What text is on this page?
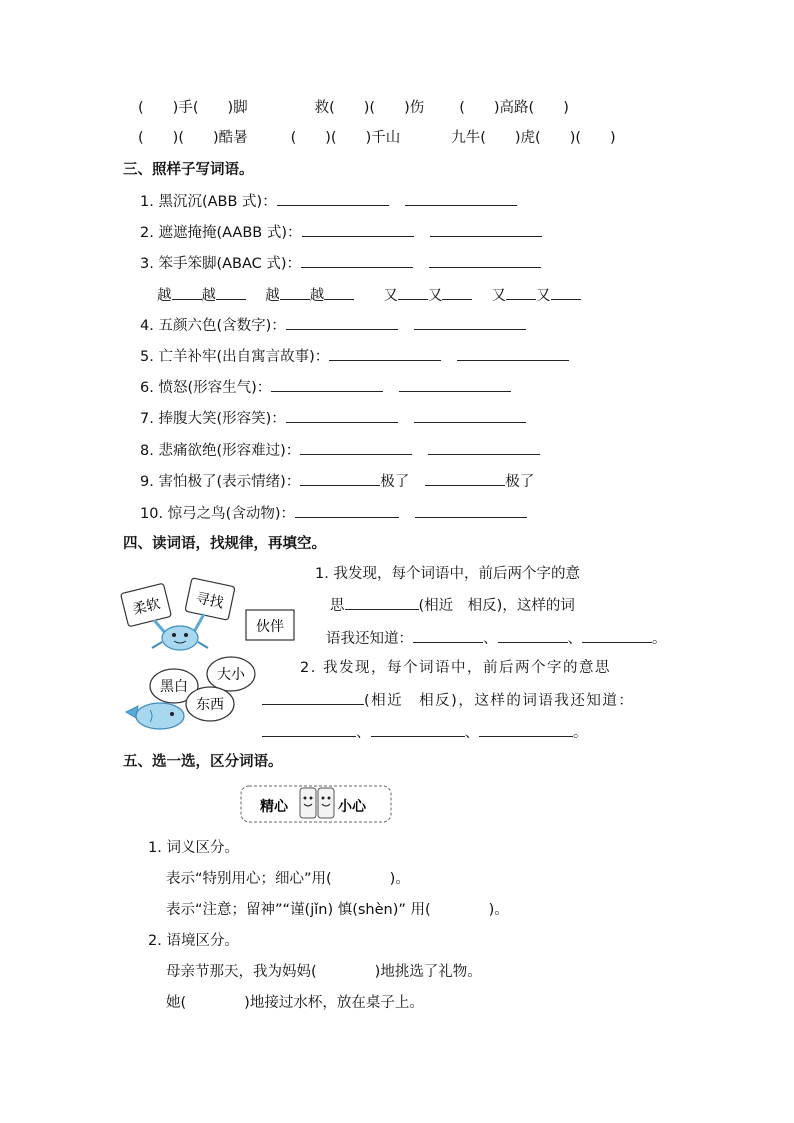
(　　)手(　　)脚	救(　　)(　　)伤 (　　)高路(　　)
(　　)(　　)酷暑	(　　)(　　)千山	九牛(　　)虎(　　)(　　)
三、照样子写词语。
1. 黑沉沉(ABB 式)：
2. 遮遮掩掩(AABB 式)：
3. 笨手笨脚(ABAC 式)：
越 越	越 越	又 又	又 又
4. 五颜六色(含数字)：
5. 亡羊补牢(出自寓言故事)：
6. 愤怒(形容生气)：
7. 捧腹大笑(形容笑)：
8. 悲痛欲绝(形容难过)：
9. 害怕极了(表示情绪)：	极了	极了
10. 惊弓之鸟(含动物)：
四、读词语，找规律，再填空。
柔软 寻找
伙伴
大小
黑白
东西
1. 我发现，每个词语中，前后两个字的意
思	(相近　相反)，这样的词
语我还知道：	、	、	。
2. 我发现，每个词语中，前后两个字的意思
(相近　相反)，这样的词语我还知道：
、	、	。
五、选一选，区分词语。
精心	小心
1. 词义区分。
表示“特别用心；细心”用(　　　　)。
表示“注意；留神”“谨(jǐn) 慎(shèn)” 用(　　　　)。
2. 语境区分。
母亲节那天，我为妈妈(　　　　)地挑选了礼物。
她(　　　　)地接过水杯，放在桌子上。
